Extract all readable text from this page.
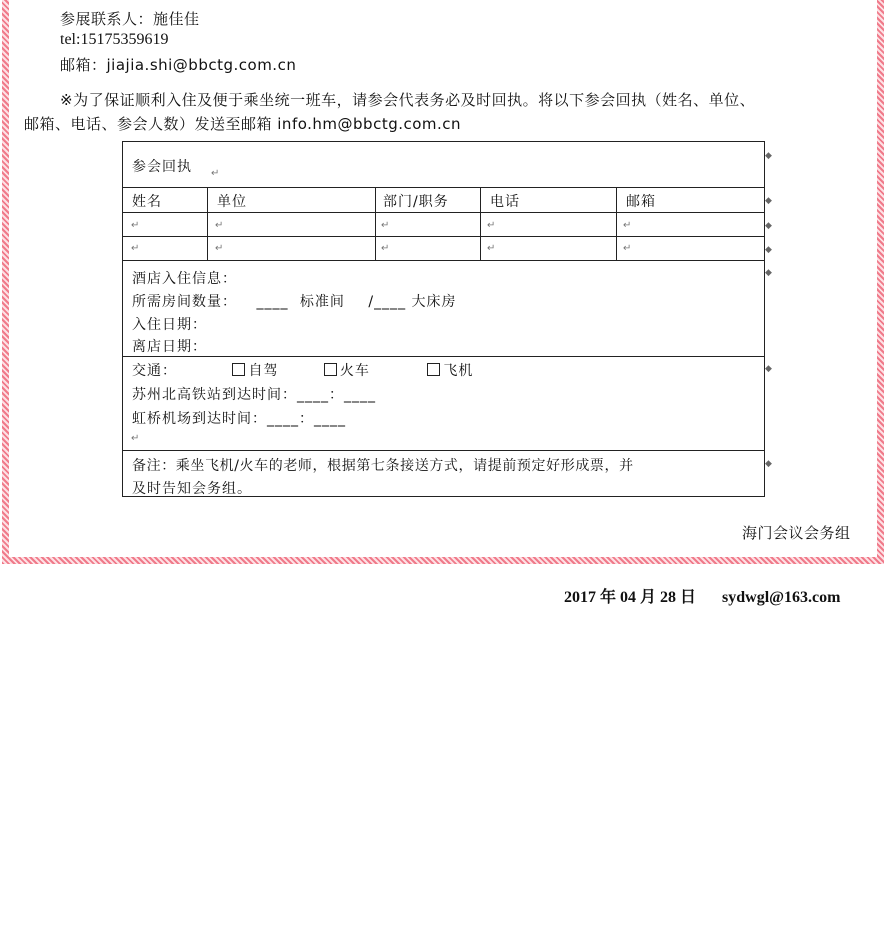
参展联系人：施佳佳
tel:15175359619
邮箱：jiajia.shi@bbctg.com.cn
※为了保证顺利入住及便于乘坐统一班车，请参会代表务必及时回执。将以下参会回执（姓名、单位、
邮箱、电话、参会人数）发送至邮箱 info.hm@bbctg.com.cn
参会回执
姓名	单位	部门/职务	电话	邮箱
酒店入住信息：
所需房间数量： ____ 标准间 /____ 大床房
入住日期：
离店日期：
交通：	自驾	火车	飞机
苏州北高铁站到达时间：____：____
虹桥机场到达时间：____：____
备注：乘坐飞机/火车的老师，根据第七条接送方式，请提前预定好形成票，并
及时告知会务组。
↵
↵	↵	↵	↵	↵
↵	↵	↵	↵	↵
↵
◆
◆
◆
◆
◆
◆
◆
海门会议会务组
2017 年 04 月 28 日 sydwgl@163.com
